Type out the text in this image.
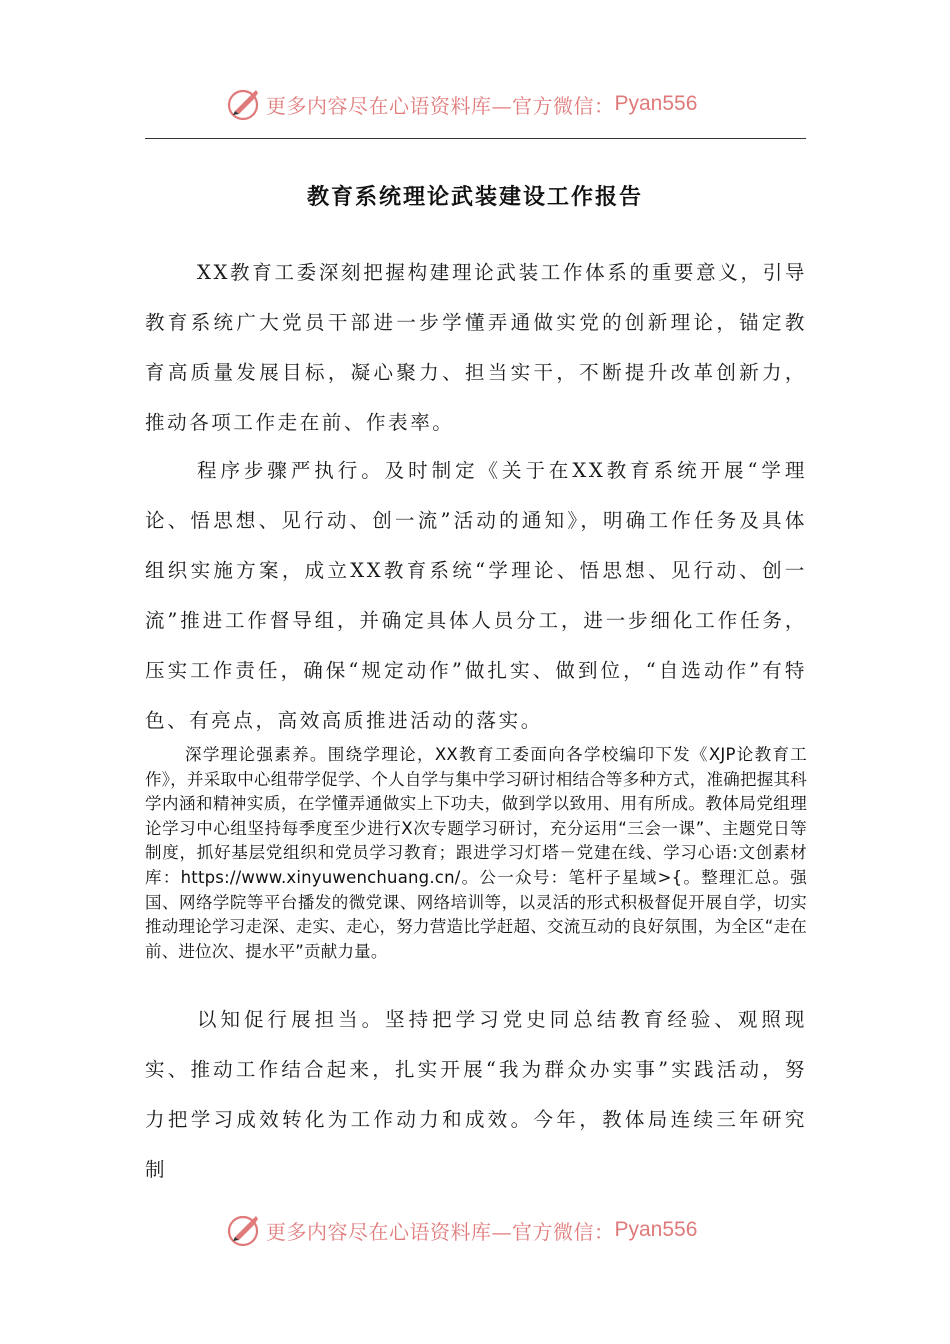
更多内容尽在心语资料库—官方微信： Pyan556
教育系统理论武装建设工作报告

XX教育工委深刻把握构建理论武装工作体系的重要意义，引导教育系统广大党员干部进一步学懂弄通做实党的创新理论，锚定教育高质量发展目标，凝心聚力、担当实干，不断提升改革创新力，推动各项工作走在前、作表率。

程序步骤严执行。及时制定《关于在XX教育系统开展“学理论、悟思想、见行动、创一流”活动的通知》，明确工作任务及具体组织实施方案，成立XX教育系统“学理论、悟思想、见行动、创一流”推进工作督导组，并确定具体人员分工，进一步细化工作任务，压实工作责任，确保“规定动作”做扎实、做到位，“自选动作”有特色、有亮点，高效高质推进活动的落实。

深学理论强素养。围绕学理论，XX教育工委面向各学校编印下发《XJP论教育工作》，并采取中心组带学促学、个人自学与集中学习研讨相结合等多种方式，准确把握其科学内涵和精神实质，在学懂弄通做实上下功夫，做到学以致用、用有所成。教体局党组理论学习中心组坚持每季度至少进行X次专题学习研讨，充分运用“三会一课”、主题党日等制度，抓好基层党组织和党员学习教育；跟进学习灯塔－党建在线、学习心语:文创素材库：https://www.xinyuwenchuang.cn/。公一众号：笔杆子星域>{。整理汇总。强国、网络学院等平台播发的微党课、网络培训等，以灵活的形式积极督促开展自学，切实推动理论学习走深、走实、走心，努力营造比学赶超、交流互动的良好氛围，为全区“走在前、进位次、提水平”贡献力量。

以知促行展担当。坚持把学习党史同总结教育经验、观照现实、推动工作结合起来，扎实开展“我为群众办实事”实践活动，努力把学习成效转化为工作动力和成效。今年，教体局连续三年研究制

更多内容尽在心语资料库—官方微信： Pyan556
